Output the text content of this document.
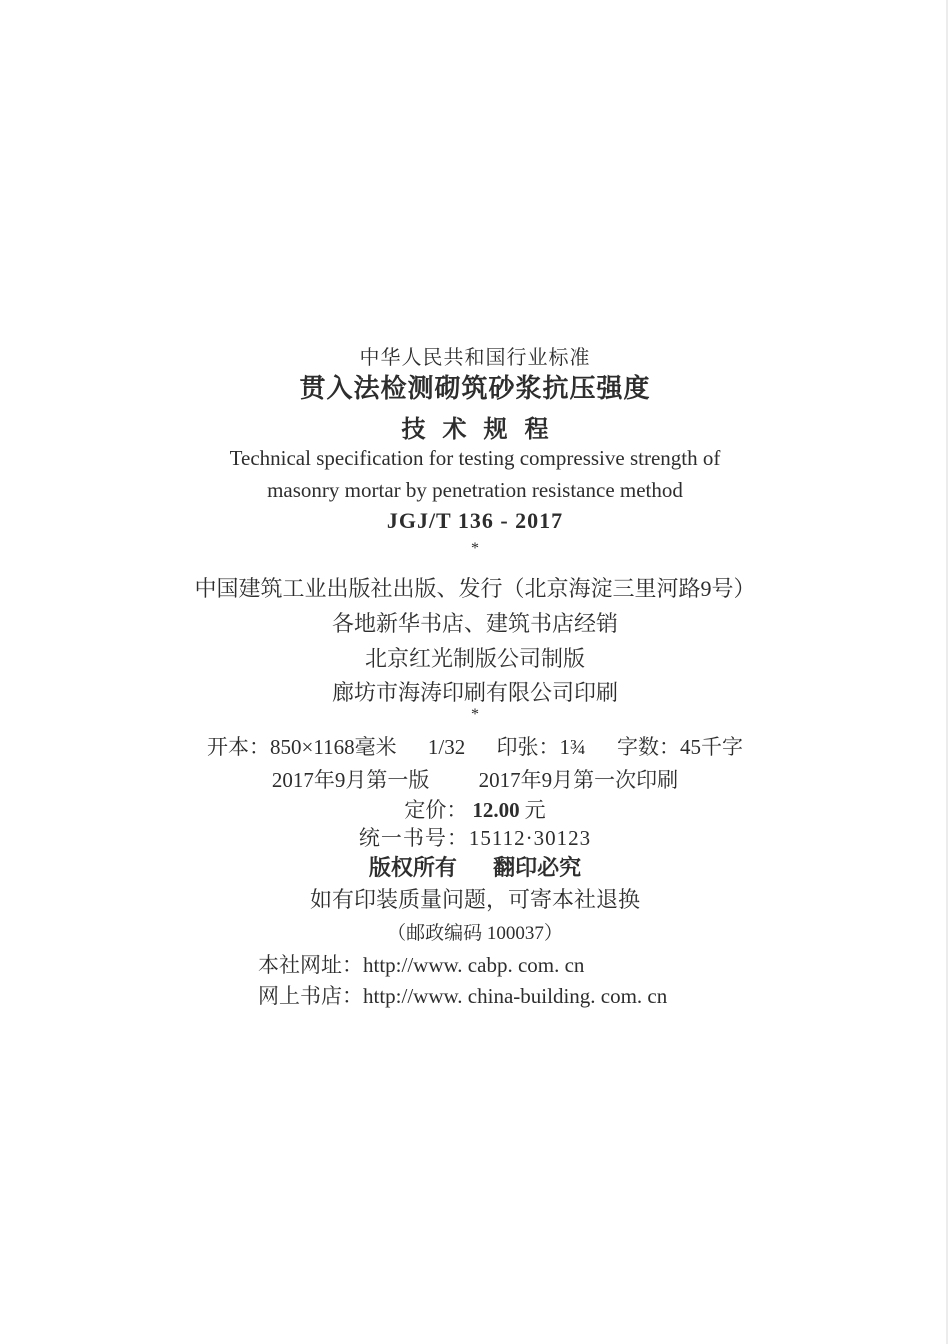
中华人民共和国行业标准
贯入法检测砌筑砂浆抗压强度
技术规程
Technical specification for testing compressive strength of
masonry mortar by penetration resistance method
JGJ/T 136 - 2017
*
中国建筑工业出版社出版、发行（北京海淀三里河路9号）
各地新华书店、建筑书店经销
北京红光制版公司制版
廊坊市海涛印刷有限公司印刷
*
开本：850×1168毫米 1/32 印张：1¾ 字数：45千字
2017年9月第一版 2017年9月第一次印刷
定价： 12.00 元
统一书号：15112·30123
版权所有 翻印必究
如有印装质量问题，可寄本社退换
（邮政编码 100037）
本社网址：http://www. cabp. com. cn
网上书店：http://www. china-building. com. cn
